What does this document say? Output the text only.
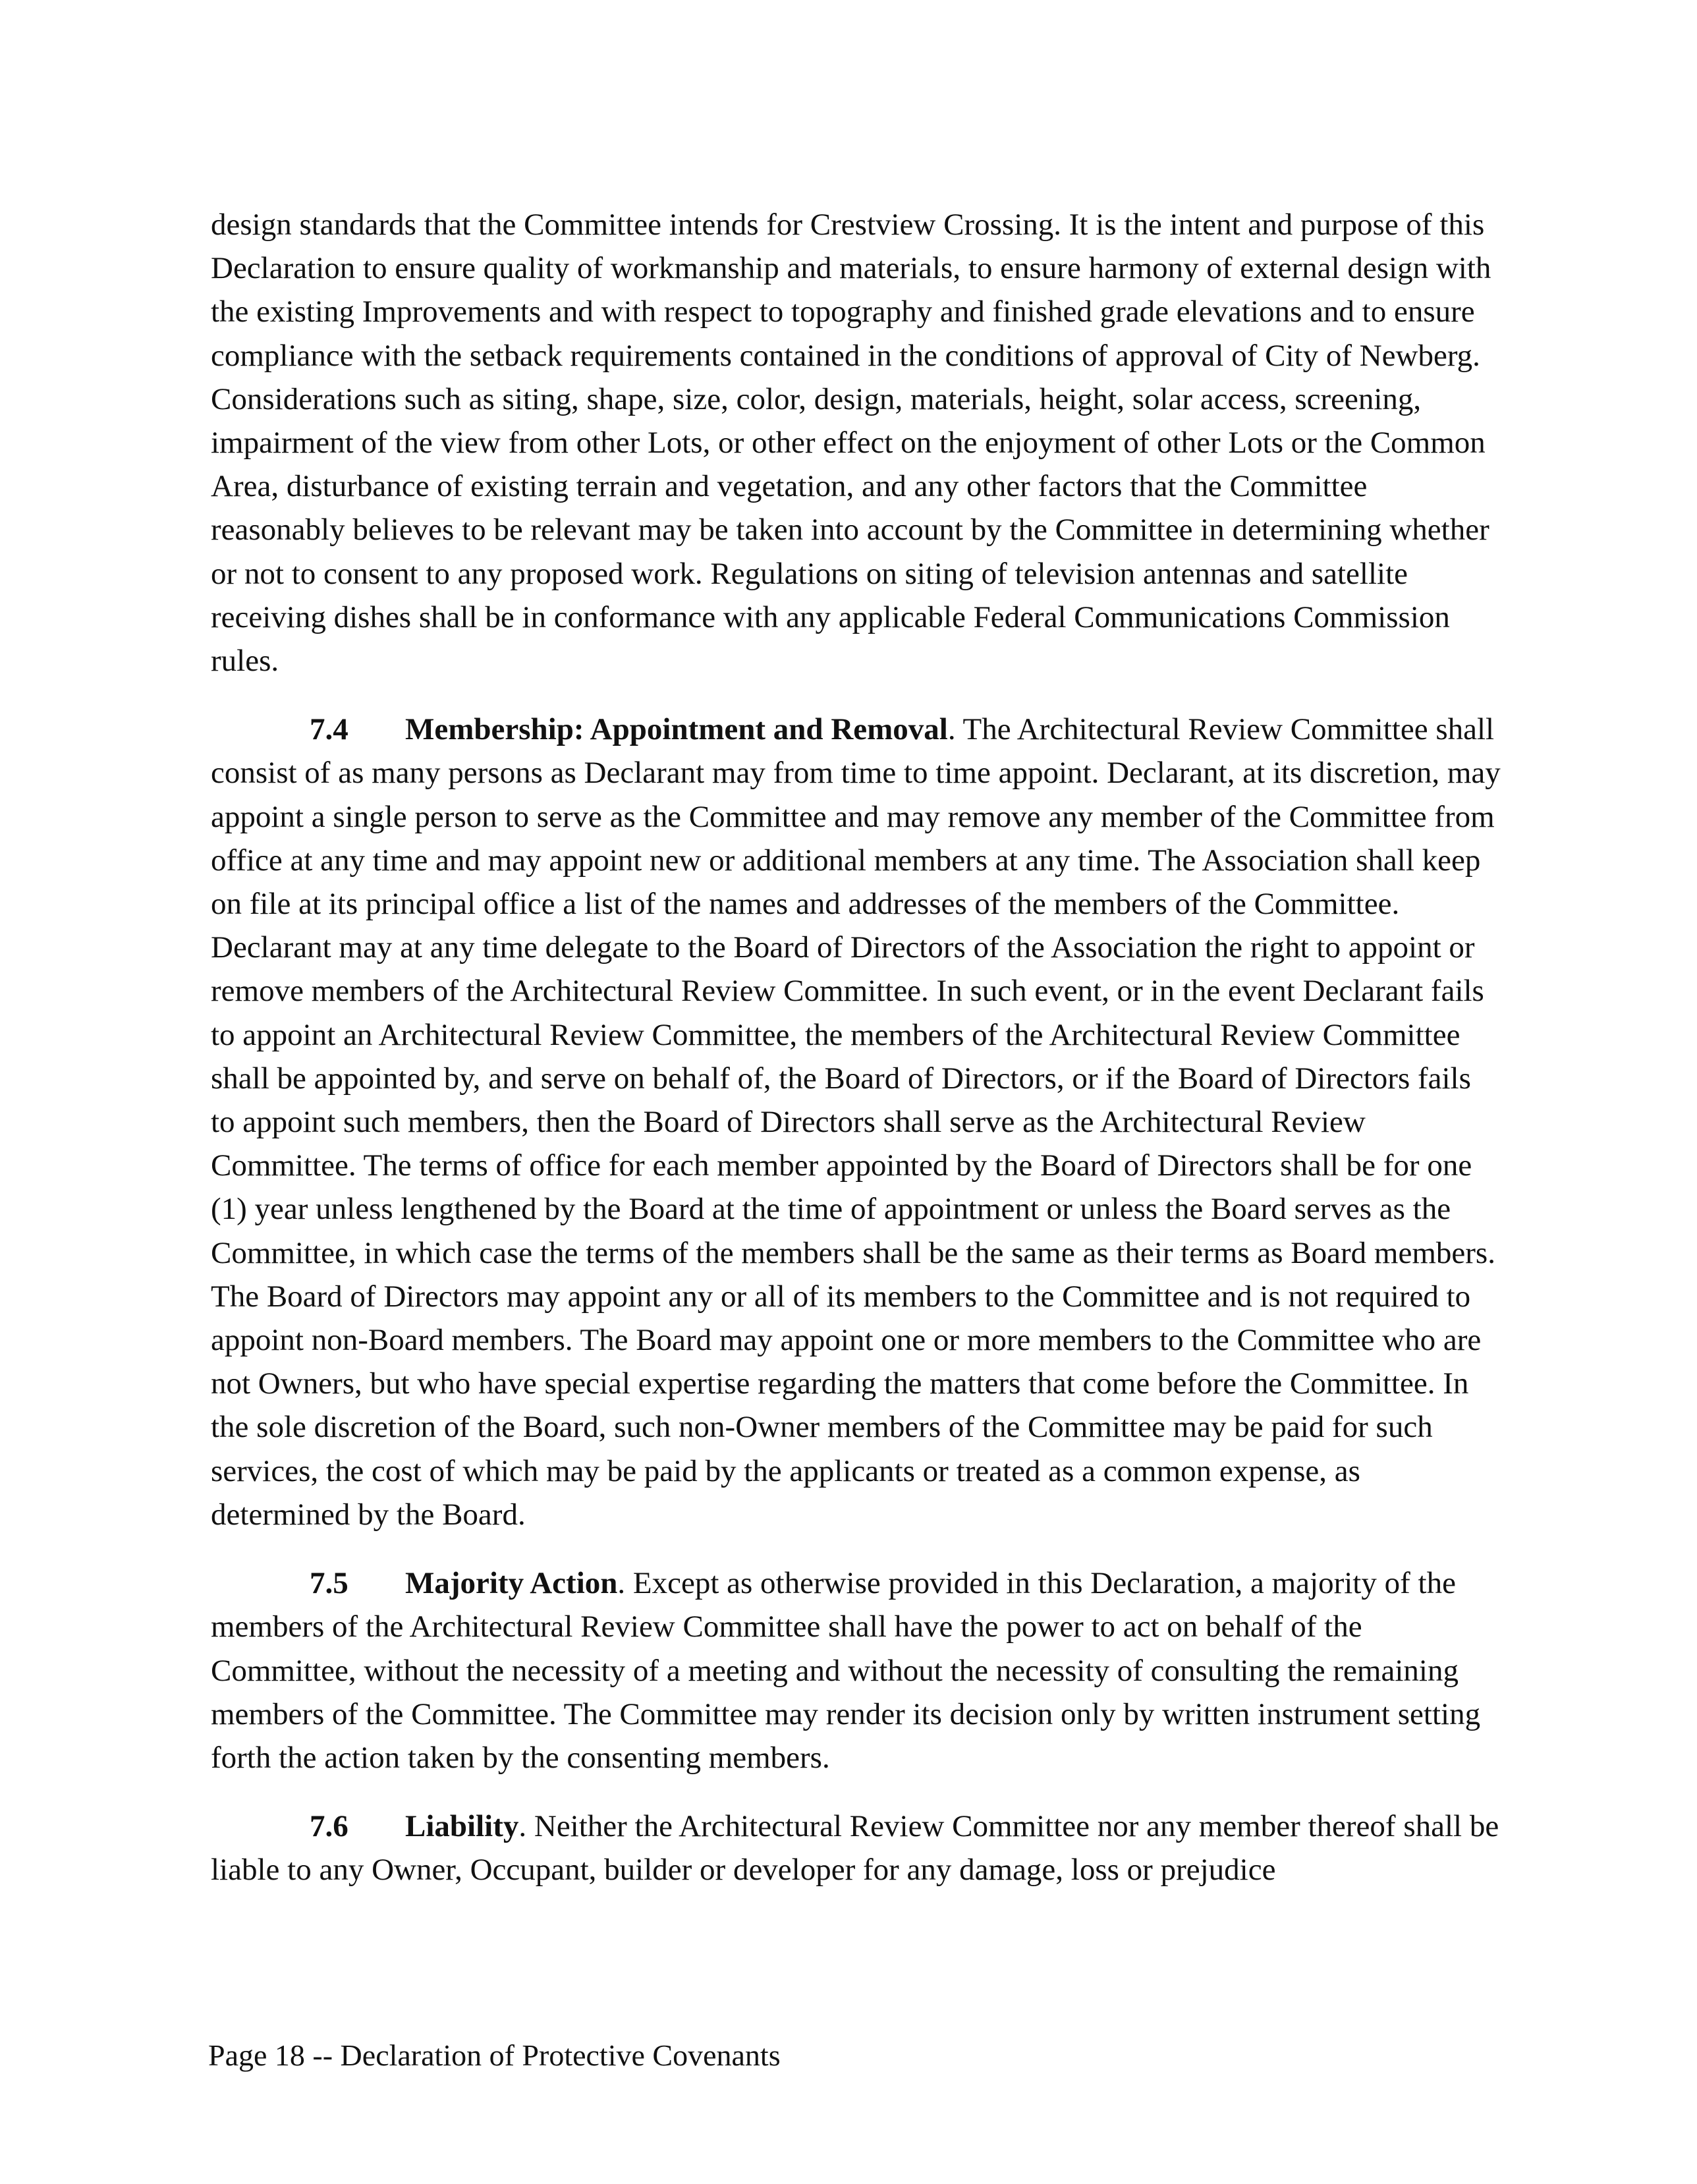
design standards that the Committee intends for Crestview Crossing. It is the intent and purpose of this Declaration to ensure quality of workmanship and materials, to ensure harmony of external design with the existing Improvements and with respect to topography and finished grade elevations and to ensure compliance with the setback requirements contained in the conditions of approval of City of Newberg. Considerations such as siting, shape, size, color, design, materials, height, solar access, screening, impairment of the view from other Lots, or other effect on the enjoyment of other Lots or the Common Area, disturbance of existing terrain and vegetation, and any other factors that the Committee reasonably believes to be relevant may be taken into account by the Committee in determining whether or not to consent to any proposed work. Regulations on siting of television antennas and satellite receiving dishes shall be in conformance with any applicable Federal Communications Commission rules.

7.4 Membership: Appointment and Removal. The Architectural Review Committee shall consist of as many persons as Declarant may from time to time appoint. Declarant, at its discretion, may appoint a single person to serve as the Committee and may remove any member of the Committee from office at any time and may appoint new or additional members at any time. The Association shall keep on file at its principal office a list of the names and addresses of the members of the Committee. Declarant may at any time delegate to the Board of Directors of the Association the right to appoint or remove members of the Architectural Review Committee. In such event, or in the event Declarant fails to appoint an Architectural Review Committee, the members of the Architectural Review Committee shall be appointed by, and serve on behalf of, the Board of Directors, or if the Board of Directors fails to appoint such members, then the Board of Directors shall serve as the Architectural Review Committee. The terms of office for each member appointed by the Board of Directors shall be for one (1) year unless lengthened by the Board at the time of appointment or unless the Board serves as the Committee, in which case the terms of the members shall be the same as their terms as Board members. The Board of Directors may appoint any or all of its members to the Committee and is not required to appoint non-Board members. The Board may appoint one or more members to the Committee who are not Owners, but who have special expertise regarding the matters that come before the Committee. In the sole discretion of the Board, such non-Owner members of the Committee may be paid for such services, the cost of which may be paid by the applicants or treated as a common expense, as determined by the Board.

7.5 Majority Action. Except as otherwise provided in this Declaration, a majority of the members of the Architectural Review Committee shall have the power to act on behalf of the Committee, without the necessity of a meeting and without the necessity of consulting the remaining members of the Committee. The Committee may render its decision only by written instrument setting forth the action taken by the consenting members.

7.6 Liability. Neither the Architectural Review Committee nor any member thereof shall be liable to any Owner, Occupant, builder or developer for any damage, loss or prejudice

Page 18 -- Declaration of Protective Covenants
